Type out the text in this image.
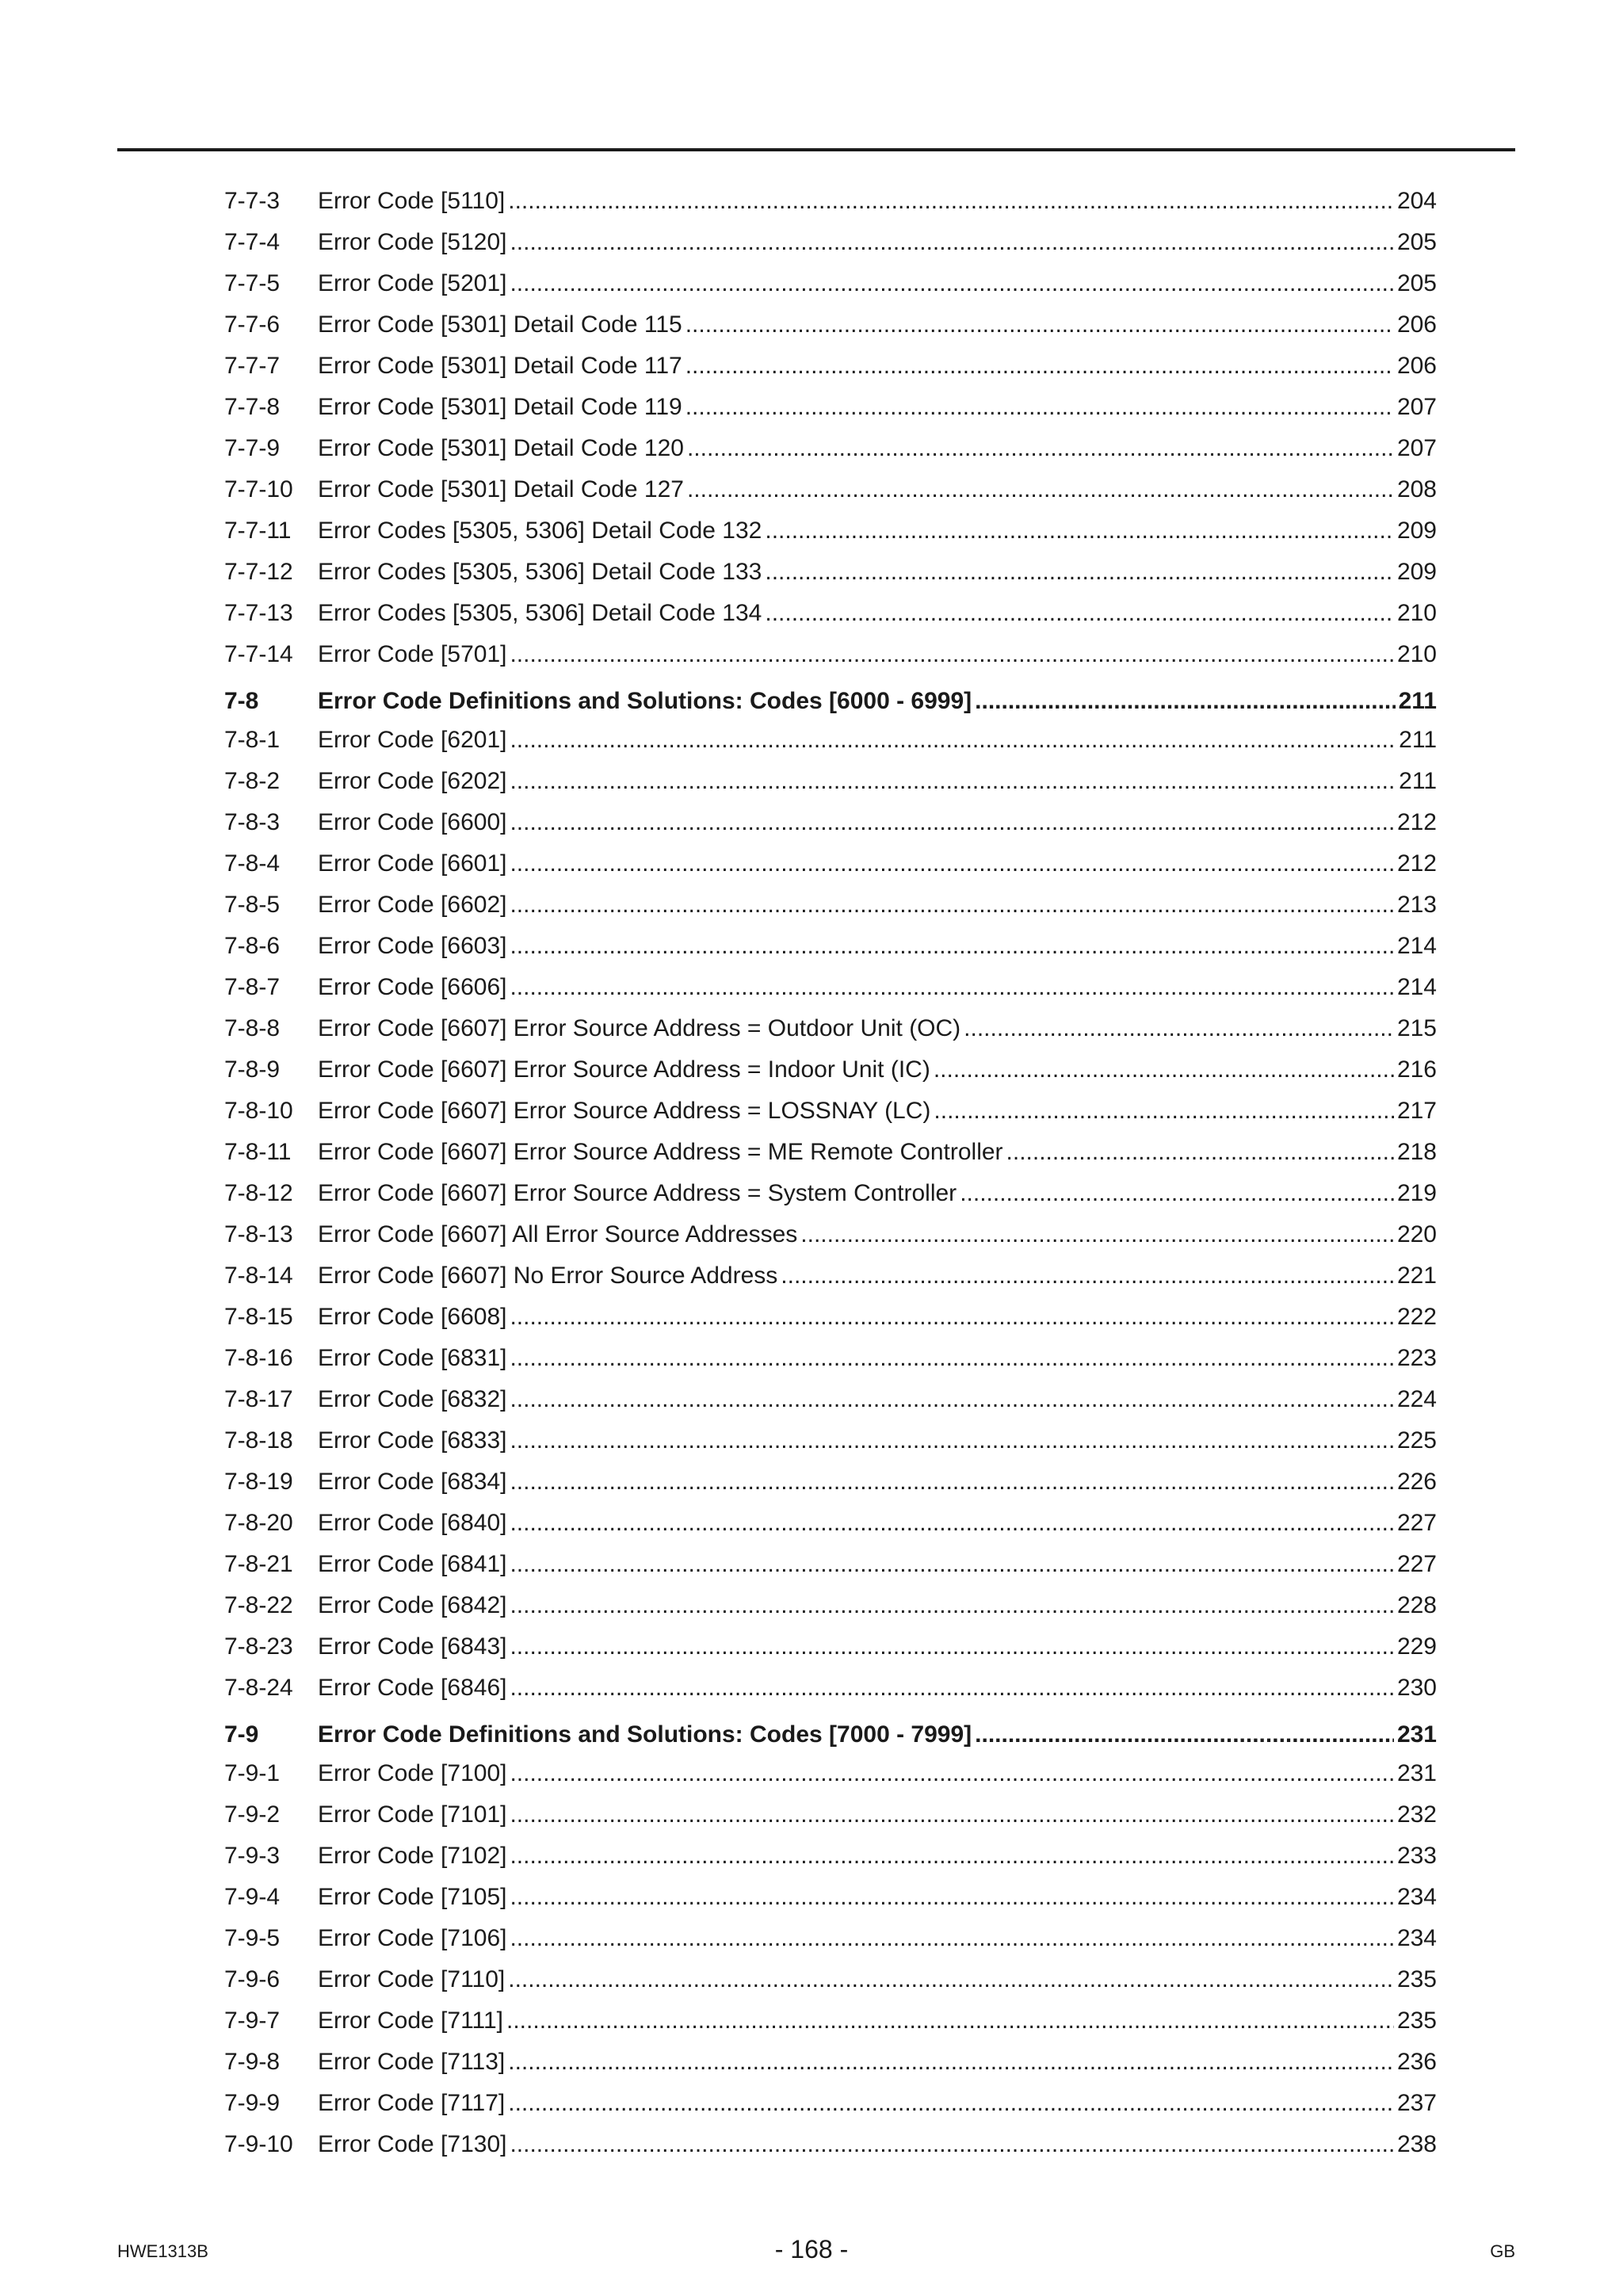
7-7-3	Error Code [5110] .....	204
7-7-4	Error Code [5120] .....	205
7-7-5	Error Code [5201] .....	205
7-7-6	Error Code [5301] Detail Code 115 .....	206
7-7-7	Error Code [5301] Detail Code 117 .....	206
7-7-8	Error Code [5301] Detail Code 119 .....	207
7-7-9	Error Code [5301] Detail Code 120 .....	207
7-7-10	Error Code [5301] Detail Code 127 .....	208
7-7-11	Error Codes [5305, 5306] Detail Code 132 .....	209
7-7-12	Error Codes [5305, 5306] Detail Code 133 .....	209
7-7-13	Error Codes [5305, 5306] Detail Code 134 .....	210
7-7-14	Error Code [5701] .....	210
7-8	Error Code Definitions and Solutions: Codes [6000 - 6999] .....	211
7-8-1	Error Code [6201] .....	211
7-8-2	Error Code [6202] .....	211
7-8-3	Error Code [6600] .....	212
7-8-4	Error Code [6601] .....	212
7-8-5	Error Code [6602] .....	213
7-8-6	Error Code [6603] .....	214
7-8-7	Error Code [6606] .....	214
7-8-8	Error Code [6607] Error Source Address = Outdoor Unit (OC) .....	215
7-8-9	Error Code [6607] Error Source Address = Indoor Unit (IC) .....	216
7-8-10	Error Code [6607] Error Source Address = LOSSNAY (LC) .....	217
7-8-11	Error Code [6607] Error Source Address = ME Remote Controller .....	218
7-8-12	Error Code [6607] Error Source Address = System Controller .....	219
7-8-13	Error Code [6607] All Error Source Addresses .....	220
7-8-14	Error Code [6607] No Error Source Address .....	221
7-8-15	Error Code [6608] .....	222
7-8-16	Error Code [6831] .....	223
7-8-17	Error Code [6832] .....	224
7-8-18	Error Code [6833] .....	225
7-8-19	Error Code [6834] .....	226
7-8-20	Error Code [6840] .....	227
7-8-21	Error Code [6841] .....	227
7-8-22	Error Code [6842] .....	228
7-8-23	Error Code [6843] .....	229
7-8-24	Error Code [6846] .....	230
7-9	Error Code Definitions and Solutions: Codes [7000 - 7999] .....	231
7-9-1	Error Code [7100] .....	231
7-9-2	Error Code [7101] .....	232
7-9-3	Error Code [7102] .....	233
7-9-4	Error Code [7105] .....	234
7-9-5	Error Code [7106] .....	234
7-9-6	Error Code [7110] .....	235
7-9-7	Error Code [7111] .....	235
7-9-8	Error Code [7113] .....	236
7-9-9	Error Code [7117] .....	237
7-9-10	Error Code [7130] .....	238
HWE1313B	- 168 -	GB
